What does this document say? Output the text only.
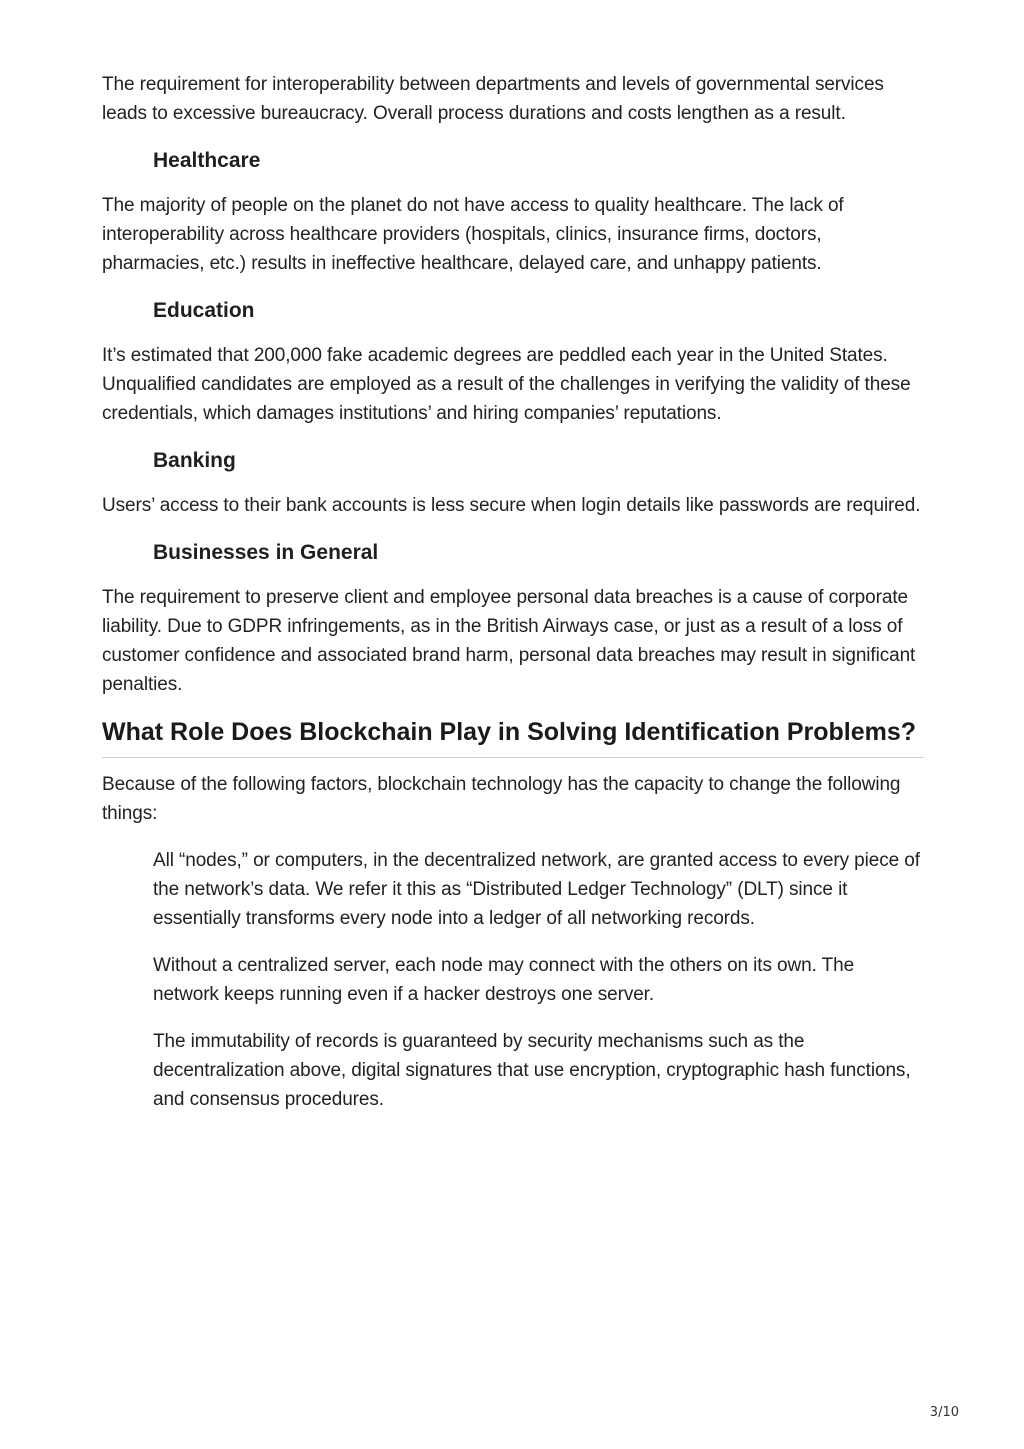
The requirement for interoperability between departments and levels of governmental services leads to excessive bureaucracy. Overall process durations and costs lengthen as a result.

Healthcare

The majority of people on the planet do not have access to quality healthcare. The lack of interoperability across healthcare providers (hospitals, clinics, insurance firms, doctors, pharmacies, etc.) results in ineffective healthcare, delayed care, and unhappy patients.

Education

It’s estimated that 200,000 fake academic degrees are peddled each year in the United States. Unqualified candidates are employed as a result of the challenges in verifying the validity of these credentials, which damages institutions’ and hiring companies’ reputations.

Banking

Users’ access to their bank accounts is less secure when login details like passwords are required.

Businesses in General

The requirement to preserve client and employee personal data breaches is a cause of corporate liability. Due to GDPR infringements, as in the British Airways case, or just as a result of a loss of customer confidence and associated brand harm, personal data breaches may result in significant penalties.

What Role Does Blockchain Play in Solving Identification Problems?

Because of the following factors, blockchain technology has the capacity to change the following things:

All “nodes,” or computers, in the decentralized network, are granted access to every piece of the network’s data. We refer it this as “Distributed Ledger Technology” (DLT) since it essentially transforms every node into a ledger of all networking records.

Without a centralized server, each node may connect with the others on its own. The network keeps running even if a hacker destroys one server.

The immutability of records is guaranteed by security mechanisms such as the decentralization above, digital signatures that use encryption, cryptographic hash functions, and consensus procedures.

3/10
